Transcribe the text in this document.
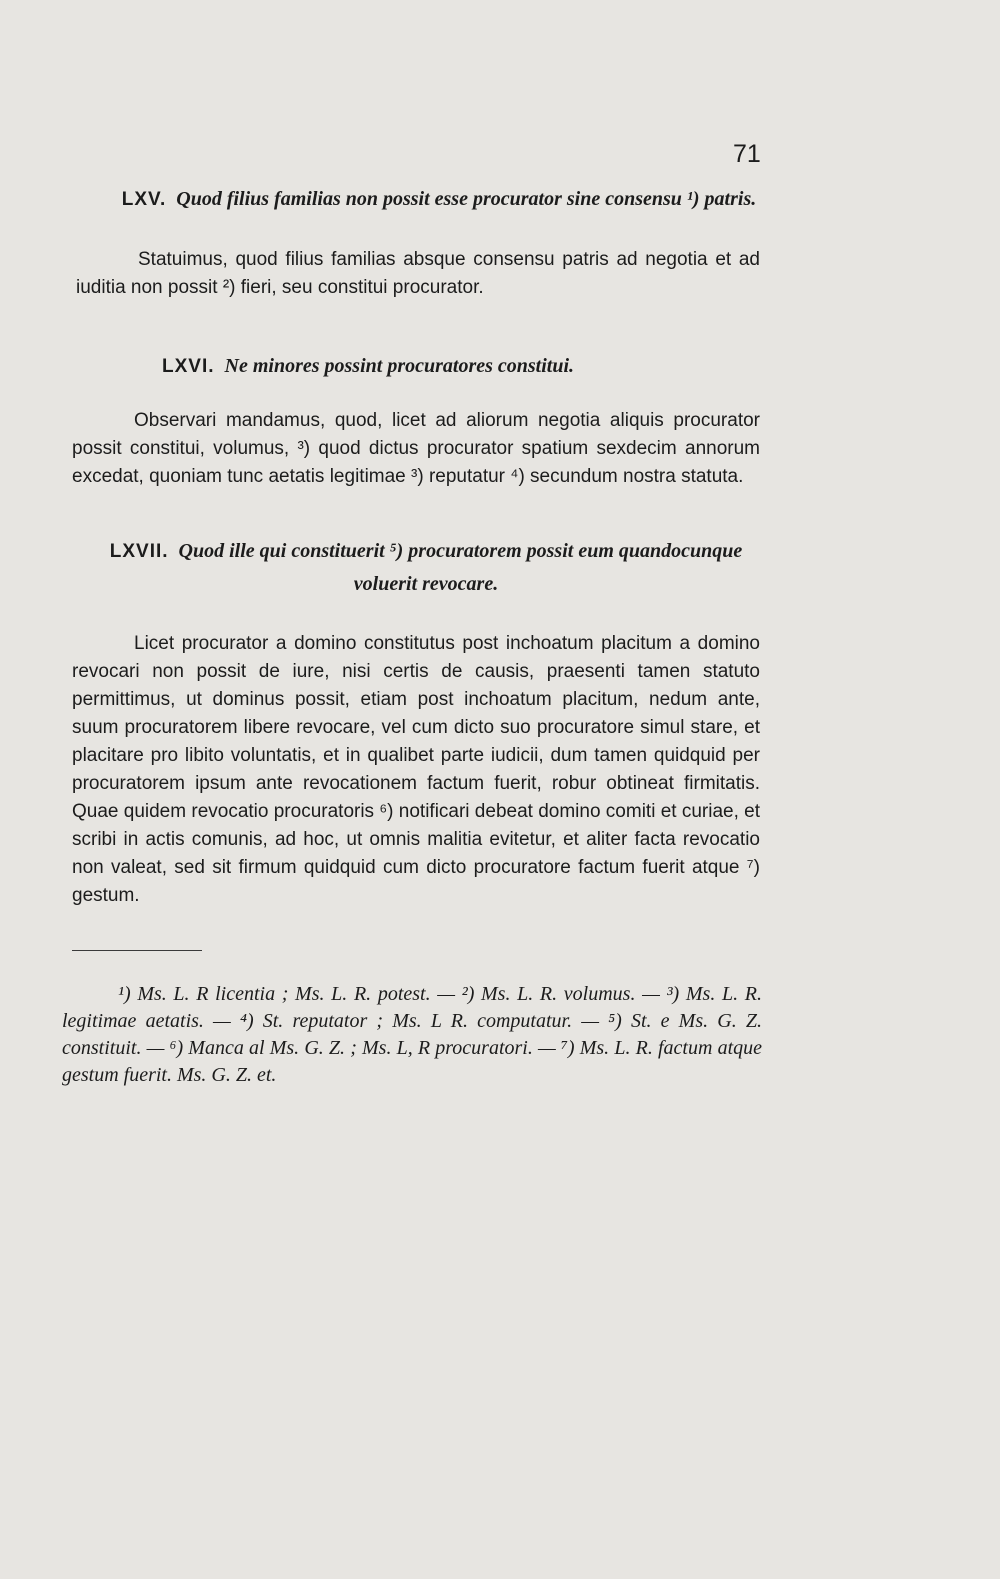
71
LXV. Quod filius familias non possit esse procurator sine consensu ¹) patris.

Statuimus, quod filius familias absque consensu patris ad negotia et ad iuditia non possit ²) fieri, seu constitui procurator.

LXVI. Ne minores possint procuratores constitui.

Observari mandamus, quod, licet ad aliorum negotia aliquis procurator possit constitui, volumus, ³) quod dictus procurator spatium sexdecim annorum excedat, quoniam tunc aetatis legitimae ³) reputatur ⁴) secundum nostra statuta.

LXVII. Quod ille qui constituerit ⁵) procuratorem possit eum quandocunque voluerit revocare.

Licet procurator a domino constitutus post inchoatum placitum a domino revocari non possit de iure, nisi certis de causis, praesenti tamen statuto permittimus, ut dominus possit, etiam post inchoatum placitum, nedum ante, suum procuratorem libere revocare, vel cum dicto suo procuratore simul stare, et placitare pro libito voluntatis, et in qualibet parte iudicii, dum tamen quidquid per procuratorem ipsum ante revocationem factum fuerit, robur obtineat firmitatis. Quae quidem revocatio procuratoris ⁶) notificari debeat domino comiti et curiae, et scribi in actis comunis, ad hoc, ut omnis malitia evitetur, et aliter facta revocatio non valeat, sed sit firmum quidquid cum dicto procuratore factum fuerit atque ⁷) gestum.

¹) Ms. L. R licentia ; Ms. L. R. potest. — ²) Ms. L. R. volumus. — ³) Ms. L. R. legitimae aetatis. — ⁴) St. reputator ; Ms. L R. computatur. — ⁵) St. e Ms. G. Z. constituit. — ⁶) Manca al Ms. G. Z. ; Ms. L, R procuratori. — ⁷) Ms. L. R. factum atque gestum fuerit. Ms. G. Z. et.
